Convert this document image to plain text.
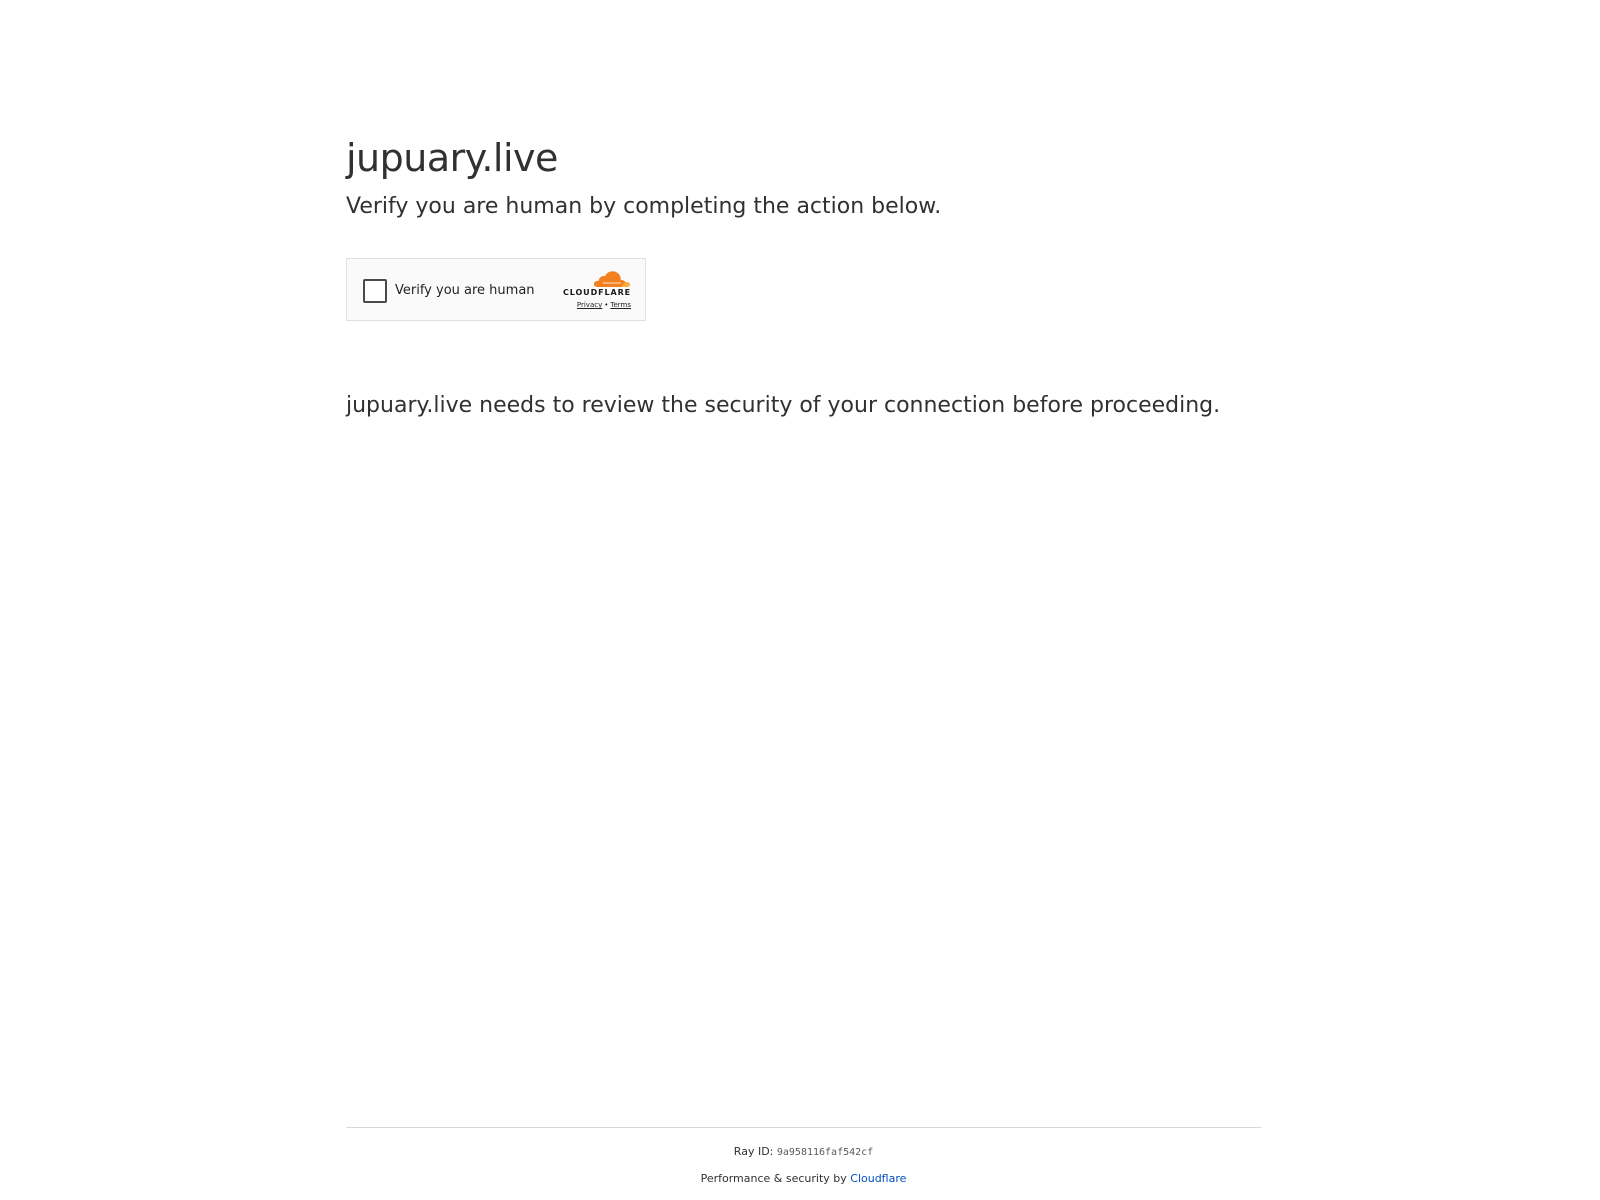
jupuary.live
Verify you are human by completing the action below.
Verify you are human	CLOUDFLARE
Privacy • Terms

jupuary.live needs to review the security of your connection before proceeding.

Ray ID: 9a958116faf542cf
Performance & security by Cloudflare
